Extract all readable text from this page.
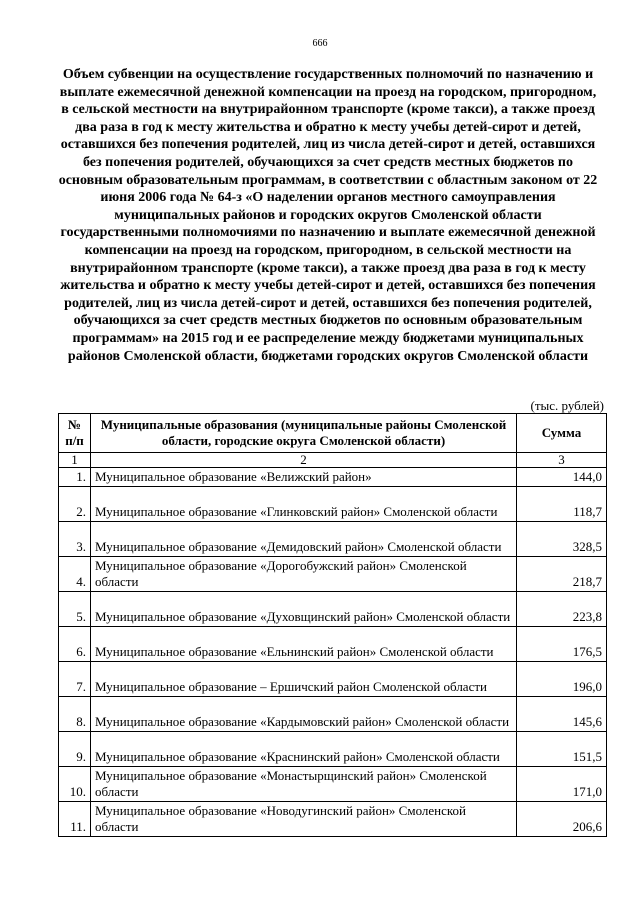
666
Объем субвенции на осуществление государственных полномочий по назначению и выплате ежемесячной денежной компенсации на проезд на городском, пригородном, в сельской местности на внутрирайонном транспорте (кроме такси), а также проезд два раза в год к месту жительства и обратно к месту учебы детей-сирот и детей, оставшихся без попечения родителей, лиц из числа детей-сирот и детей, оставшихся без попечения родителей, обучающихся за счет средств местных бюджетов по основным образовательным программам, в соответствии с областным законом от 22 июня 2006 года № 64-з «О наделении органов местного самоуправления муниципальных районов и городских округов Смоленской области государственными полномочиями по назначению и выплате ежемесячной денежной компенсации на проезд на городском, пригородном, в сельской местности на внутрирайонном транспорте (кроме такси), а также проезд два раза в год к месту жительства и обратно к месту учебы детей-сирот и детей, оставшихся без попечения родителей, лиц из числа детей-сирот и детей, оставшихся без попечения родителей, обучающихся за счет средств местных бюджетов по основным образовательным программам» на 2015 год и ее распределение между бюджетами муниципальных районов Смоленской области, бюджетами городских округов Смоленской области
(тыс. рублей)
№ п/п	Муниципальные образования (муниципальные районы Смоленской области, городские округа Смоленской области)	Сумма
1	2	3
1.	Муниципальное образование «Велижский район»	144,0
2.	Муниципальное образование «Глинковский район» Смоленской области	118,7
3.	Муниципальное образование «Демидовский район» Смоленской области	328,5
4.	Муниципальное образование «Дорогобужский район» Смоленской области	218,7
5.	Муниципальное образование «Духовщинский район» Смоленской области	223,8
6.	Муниципальное образование «Ельнинский район» Смоленской области	176,5
7.	Муниципальное образование – Ершичский район Смоленской области	196,0
8.	Муниципальное образование «Кардымовский район» Смоленской области	145,6
9.	Муниципальное образование «Краснинский район» Смоленской области	151,5
10.	Муниципальное образование «Монастырщинский район» Смоленской области	171,0
11.	Муниципальное образование «Новодугинский район» Смоленской области	206,6
